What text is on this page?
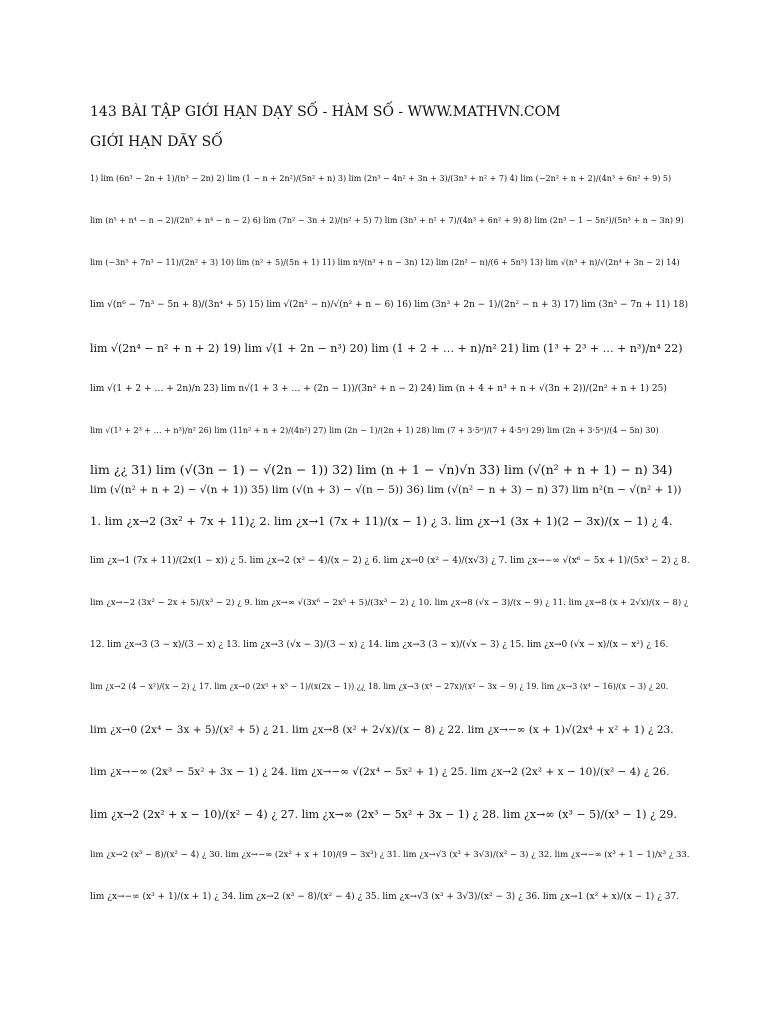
143 BÀI TẬP GIỚI HẠN DẠY SỐ - HÀM SỐ - WWW.MATHVN.COM
GIỚI HẠN DÃY SỐ
1) lim (6n³ − 2n + 1)/(n³ − 2n) 2) lim (1 − n + 2n²)/(5n² + n) 3) lim (2n³ − 4n² + 3n + 3)/(3n³ + n² + 7) 4) lim (−2n² + n + 2)/(4n³ + 6n² + 9) 5)
lim (n⁵ + n⁴ − n − 2)/(2n⁵ + n⁴ − n − 2) 6) lim (7n² − 3n + 2)/(n² + 5) 7) lim (3n³ + n² + 7)/(4n³ + 6n² + 9) 8) lim (2n³ − 1 − 5n²)/(5n³ + n − 3n) 9)
lim (−3n⁵ + 7n³ − 11)/(2n² + 3) 10) lim (n² + 5)/(5n + 1) 11) lim n⁴/(n³ + n − 3n) 12) lim (2n² − n)/(6 + 5n⁵) 13) lim √(n³ + n)/√(2n⁴ + 3n − 2) 14)
lim √(n⁶ − 7n³ − 5n + 8)/(3n⁴ + 5) 15) lim √(2n² − n)/√(n² + n − 6) 16) lim (3n³ + 2n − 1)/(2n² − n + 3) 17) lim (3n³ − 7n + 11) 18)
lim √(2n⁴ − n² + n + 2) 19) lim √(1 + 2n − n³) 20) lim (1 + 2 + … + n)/n² 21) lim (1³ + 2³ + … + n³)/n⁴ 22)
lim √(1 + 2 + … + 2n)/n 23) lim n√(1 + 3 + … + (2n − 1))/(3n² + n − 2) 24) lim (n + 4 + n³ + n + √(3n + 2))/(2n² + n + 1) 25)
lim √(1³ + 2³ + … + n³)/n² 26) lim (11n² + n + 2)/(4n²) 27) lim (2n − 1)/(2n + 1) 28) lim (7 + 3·5ⁿ)/(7 + 4·5ⁿ) 29) lim (2n + 3·5ⁿ)/(4 − 5n) 30)
lim ¿¿ 31) lim (√(3n − 1) − √(2n − 1)) 32) lim (n + 1 − √n)√n 33) lim (√(n² + n + 1) − n) 34)
lim (√(n² + n + 2) − √(n + 1)) 35) lim (√(n + 3) − √(n − 5)) 36) lim (√(n² − n + 3) − n) 37) lim n²(n − √(n² + 1))
1. lim ¿x→2 (3x² + 7x + 11)¿ 2. lim ¿x→1 (7x + 11)/(x − 1) ¿ 3. lim ¿x→1 (3x + 1)(2 − 3x)/(x − 1) ¿ 4.
lim ¿x→1 (7x + 11)/(2x(1 − x)) ¿ 5. lim ¿x→2 (x² − 4)/(x − 2) ¿ 6. lim ¿x→0 (x² − 4)/(x√3) ¿ 7. lim ¿x→−∞ √(x⁶ − 5x + 1)/(5x³ − 2) ¿ 8.
lim ¿x→−2 (3x² − 2x + 5)/(x³ − 2) ¿ 9. lim ¿x→∞ √(3x⁶ − 2x⁵ + 5)/(3x³ − 2) ¿ 10. lim ¿x→8 (√x − 3)/(x − 9) ¿ 11. lim ¿x→8 (x + 2√x)/(x − 8) ¿
12. lim ¿x→3 (3 − x)/(3 − x) ¿ 13. lim ¿x→3 (√x − 3)/(3 − x) ¿ 14. lim ¿x→3 (3 − x)/(√x − 3) ¿ 15. lim ¿x→0 (√x − x)/(x − x²) ¿ 16.
lim ¿x→2 (4 − x²)/(x − 2) ¿ 17. lim ¿x→0 (2x⁵ + x³ − 1)/(x(2x − 1)) ¿¿ 18. lim ¿x→3 (x⁴ − 27x)/(x² − 3x − 9) ¿ 19. lim ¿x→3 (x⁴ − 16)/(x − 3) ¿ 20.
lim ¿x→0 (2x⁴ − 3x + 5)/(x² + 5) ¿ 21. lim ¿x→8 (x² + 2√x)/(x − 8) ¿ 22. lim ¿x→−∞ (x + 1)√(2x⁴ + x² + 1) ¿ 23.
lim ¿x→−∞ (2x³ − 5x² + 3x − 1) ¿ 24. lim ¿x→−∞ √(2x⁴ − 5x² + 1) ¿ 25. lim ¿x→2 (2x² + x − 10)/(x² − 4) ¿ 26.
lim ¿x→2 (2x² + x − 10)/(x² − 4) ¿ 27. lim ¿x→∞ (2x³ − 5x² + 3x − 1) ¿ 28. lim ¿x→∞ (x³ − 5)/(x³ − 1) ¿ 29.
lim ¿x→2 (x³ − 8)/(x² − 4) ¿ 30. lim ¿x→−∞ (2x² + x + 10)/(9 − 3x³) ¿ 31. lim ¿x→√3 (x³ + 3√3)/(x² − 3) ¿ 32. lim ¿x→−∞ (x³ + 1 − 1)/x³ ¿ 33.
lim ¿x→−∞ (x³ + 1)/(x + 1) ¿ 34. lim ¿x→2 (x³ − 8)/(x² − 4) ¿ 35. lim ¿x→√3 (x³ + 3√3)/(x² − 3) ¿ 36. lim ¿x→1 (x² + x)/(x − 1) ¿ 37.
